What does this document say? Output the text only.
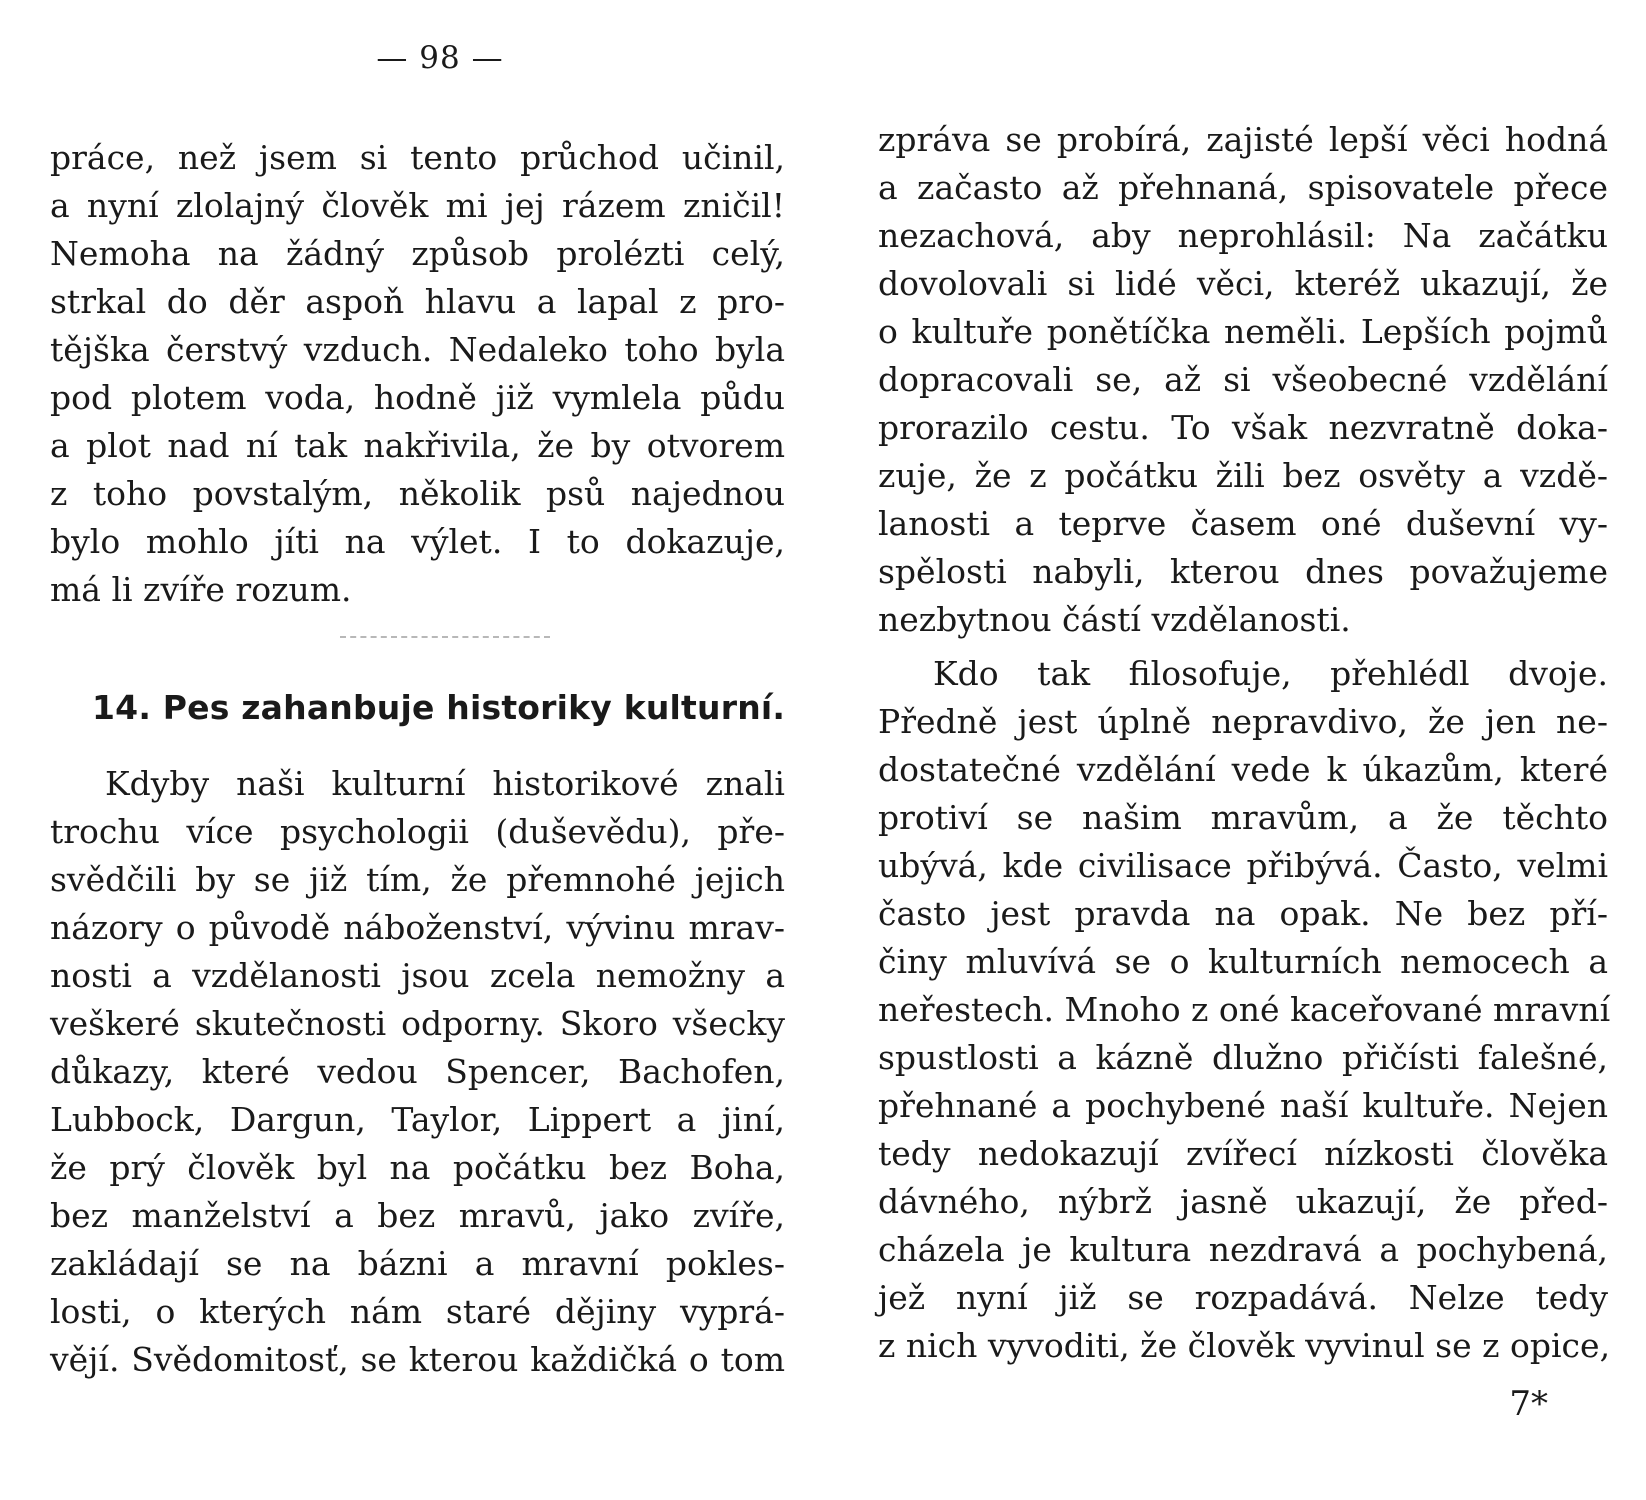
— 98 —
práce, než jsem si tento průchod učinil,
a nyní zlolajný člověk mi jej rázem zničil!
Nemoha na žádný způsob prolézti celý,
strkal do děr aspoň hlavu a lapal z pro-
tějška čerstvý vzduch. Nedaleko toho byla
pod plotem voda, hodně již vymlela půdu
a plot nad ní tak nakřivila, že by otvorem
z toho povstalým, několik psů najednou
bylo mohlo jíti na výlet. I to dokazuje,
má li zvíře rozum.
14. Pes zahanbuje historiky kulturní.
Kdyby naši kulturní historikové znali
trochu více psychologii (duševědu), pře-
svědčili by se již tím, že přemnohé jejich
názory o původě náboženství, vývinu mrav-
nosti a vzdělanosti jsou zcela nemožny a
veškeré skutečnosti odporny. Skoro všecky
důkazy, které vedou Spencer, Bachofen,
Lubbock, Dargun, Taylor, Lippert a jiní,
že prý člověk byl na počátku bez Boha,
bez manželství a bez mravů, jako zvíře,
zakládají se na bázni a mravní pokles-
losti, o kterých nám staré dějiny vyprá-
vějí. Svědomitosť, se kterou každičká o tom
zpráva se probírá, zajisté lepší věci hodná
a začasto až přehnaná, spisovatele přece
nezachová, aby neprohlásil: Na začátku
dovolovali si lidé věci, kteréž ukazují, že
o kultuře ponětíčka neměli. Lepších pojmů
dopracovali se, až si všeobecné vzdělání
prorazilo cestu. To však nezvratně doka-
zuje, že z počátku žili bez osvěty a vzdě-
lanosti a teprve časem oné duševní vy-
spělosti nabyli, kterou dnes považujeme
nezbytnou částí vzdělanosti.
Kdo tak filosofuje, přehlédl dvoje.
Předně jest úplně nepravdivo, že jen ne-
dostatečné vzdělání vede k úkazům, které
protiví se našim mravům, a že těchto
ubývá, kde civilisace přibývá. Často, velmi
často jest pravda na opak. Ne bez pří-
činy mluvívá se o kulturních nemocech a
neřestech. Mnoho z oné kaceřované mravní
spustlosti a kázně dlužno přičísti falešné,
přehnané a pochybené naší kultuře. Nejen
tedy nedokazují zvířecí nízkosti člověka
dávného, nýbrž jasně ukazují, že před-
cházela je kultura nezdravá a pochybená,
jež nyní již se rozpadává. Nelze tedy
z nich vyvoditi, že člověk vyvinul se z opice,
7*
